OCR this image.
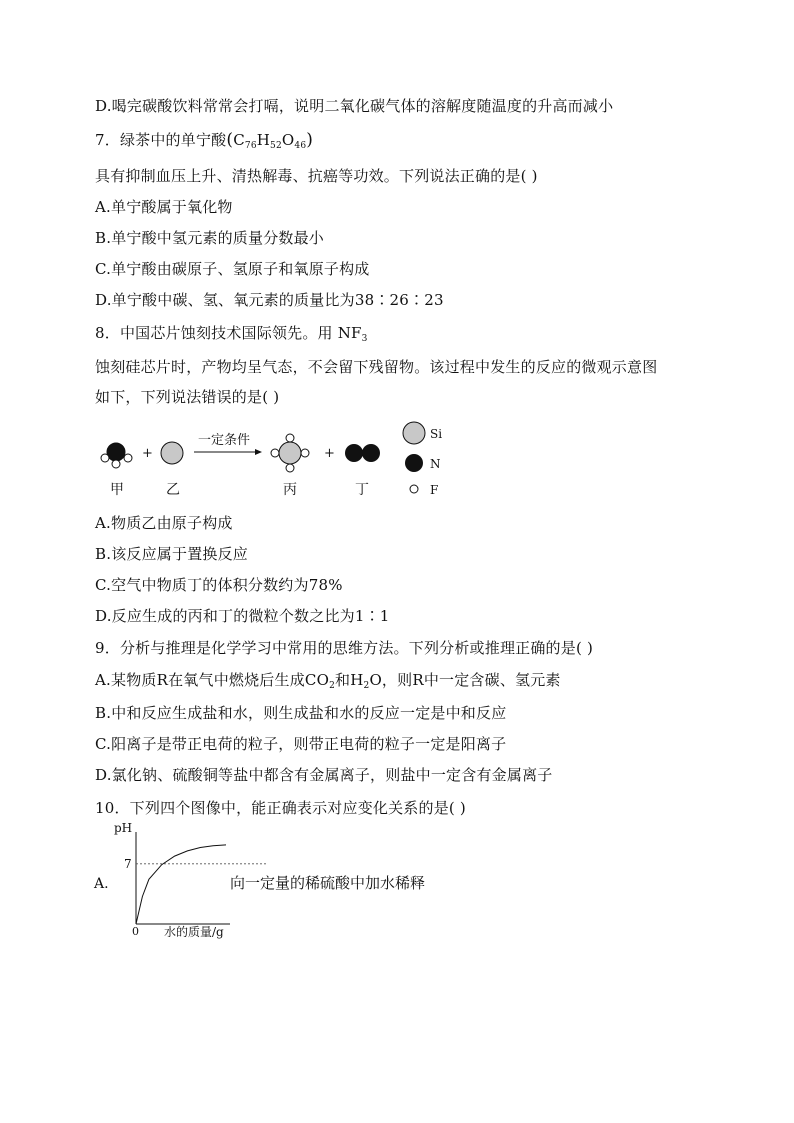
D.喝完碳酸饮料常常会打嗝，说明二氧化碳气体的溶解度随温度的升高而减小
7．绿茶中的单宁酸$(C_{76}H_{52}O_{46})$
具有抑制血压上升、清热解毒、抗癌等功效。下列说法正确的是( )
A.单宁酸属于氧化物
B.单宁酸中氢元素的质量分数最小
C.单宁酸由碳原子、氢原子和氧原子构成
D.单宁酸中碳、氢、氧元素的质量比为38∶26∶23
8．中国芯片蚀刻技术国际领先。用 $NF_3$
蚀刻硅芯片时，产物均呈气态，不会留下残留物。该过程中发生的反应的微观示意图
如下，下列说法错误的是( )
+
一定条件
+
甲	乙	丙	丁
Si
N
F
A.物质乙由原子构成
B.该反应属于置换反应
C.空气中物质丁的体积分数约为78%
D.反应生成的丙和丁的微粒个数之比为1∶1
9．分析与推理是化学学习中常用的思维方法。下列分析或推理正确的是( )
A.某物质R在氧气中燃烧后生成$CO_2$和$H_2O$，则R中一定含碳、氢元素
B.中和反应生成盐和水，则生成盐和水的反应一定是中和反应
C.阳离子是带正电荷的粒子，则带正电荷的粒子一定是阳离子
D.氯化钠、硫酸铜等盐中都含有金属离子，则盐中一定含有金属离子
10．下列四个图像中，能正确表示对应变化关系的是( )
A.	向一定量的稀硫酸中加水稀释
pH
水的质量/g
0
7
